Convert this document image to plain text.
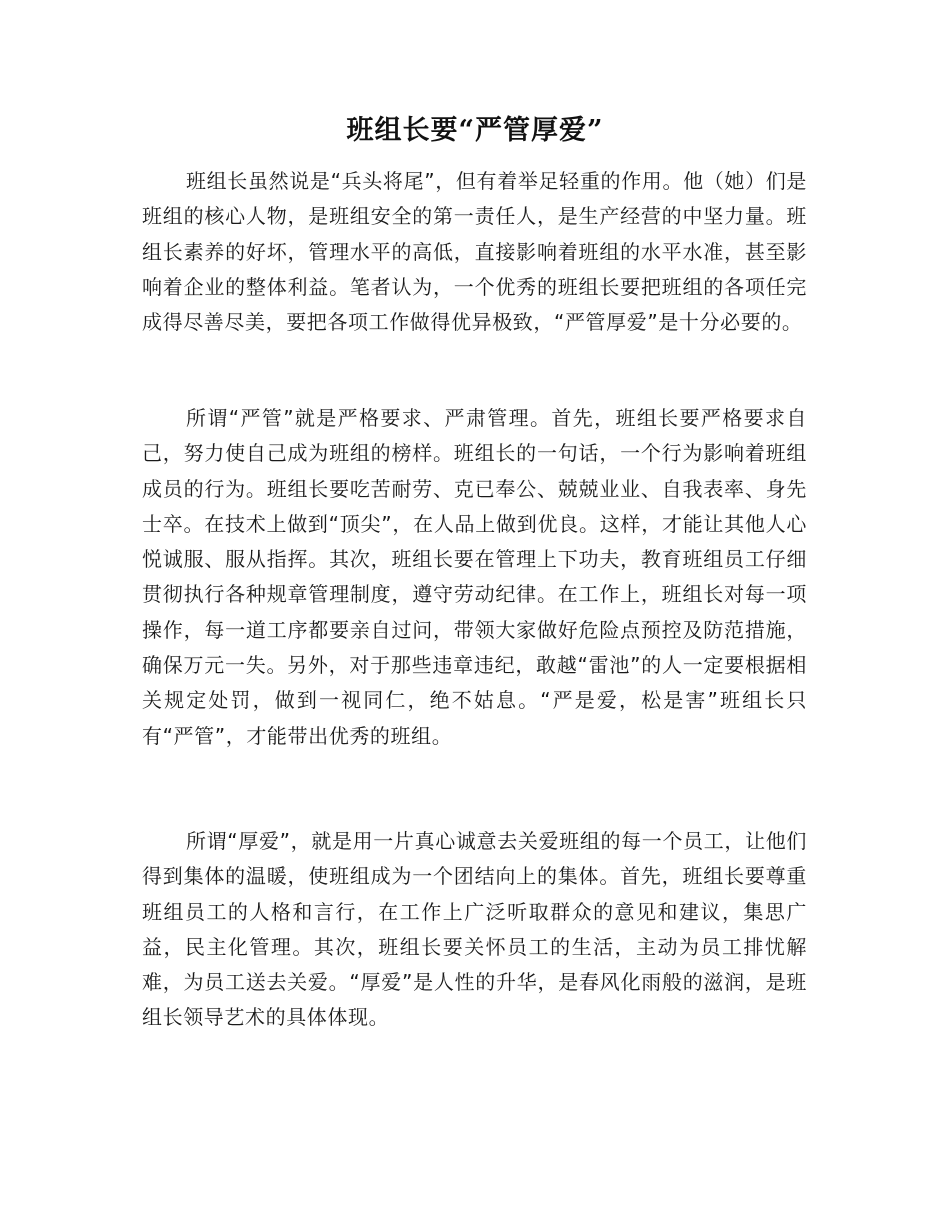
班组长要“严管厚爱”

班组长虽然说是“兵头将尾”，但有着举足轻重的作用。他（她）们是班组的核心人物，是班组安全的第一责任人，是生产经营的中坚力量。班组长素养的好坏，管理水平的高低，直接影响着班组的水平水准，甚至影响着企业的整体利益。笔者认为，一个优秀的班组长要把班组的各项任完成得尽善尽美，要把各项工作做得优异极致，“严管厚爱”是十分必要的。

所谓“严管”就是严格要求、严肃管理。首先，班组长要严格要求自己，努力使自己成为班组的榜样。班组长的一句话，一个行为影响着班组成员的行为。班组长要吃苦耐劳、克已奉公、兢兢业业、自我表率、身先士卒。在技术上做到“顶尖”，在人品上做到优良。这样，才能让其他人心悦诚服、服从指挥。其次，班组长要在管理上下功夫，教育班组员工仔细贯彻执行各种规章管理制度，遵守劳动纪律。在工作上，班组长对每一项操作，每一道工序都要亲自过问，带领大家做好危险点预控及防范措施，确保万元一失。另外，对于那些违章违纪，敢越“雷池”的人一定要根据相关规定处罚，做到一视同仁，绝不姑息。“严是爱，松是害”班组长只有“严管”，才能带出优秀的班组。

所谓“厚爱”，就是用一片真心诚意去关爱班组的每一个员工，让他们得到集体的温暖，使班组成为一个团结向上的集体。首先，班组长要尊重班组员工的人格和言行，在工作上广泛听取群众的意见和建议，集思广益，民主化管理。其次，班组长要关怀员工的生活，主动为员工排忧解难，为员工送去关爱。“厚爱”是人性的升华，是春风化雨般的滋润，是班组长领导艺术的具体体现。
